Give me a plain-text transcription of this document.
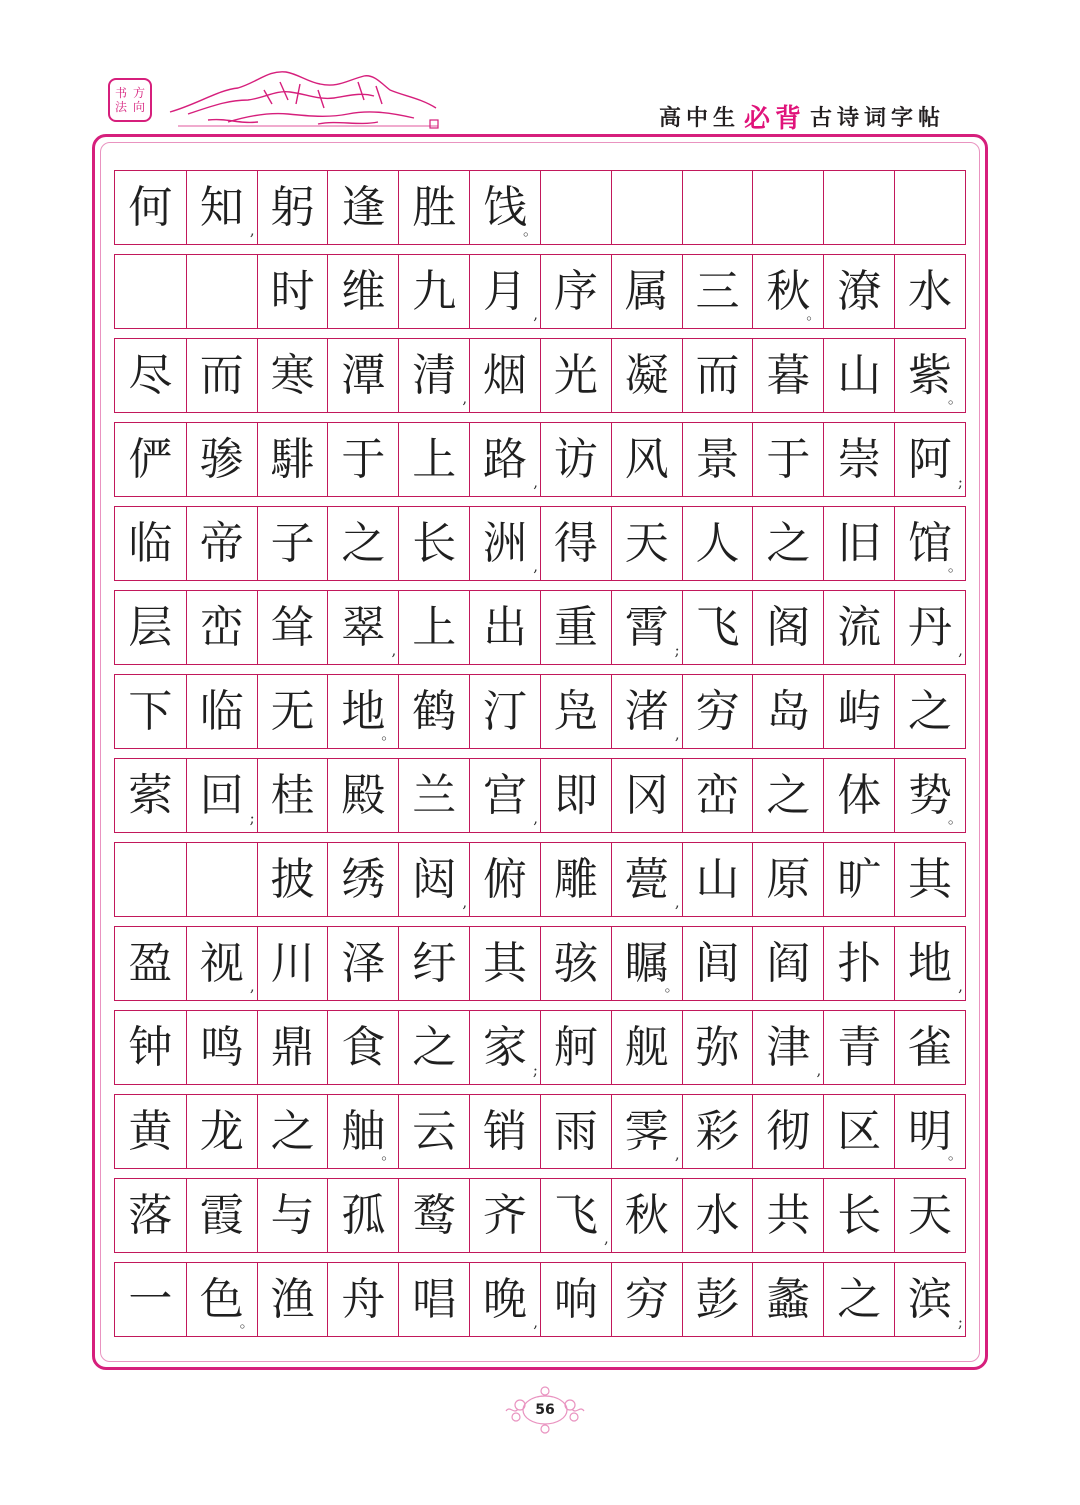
书 方
法 向	高中生 必背 古诗词字帖
何 知 , 躬 逢 胜 饯
。
时 维 九 月 , 序 属 三 秋
。 潦 水
尽 而 寒 潭 清 , 烟 光 凝 而 暮 山 紫
。
俨 骖 騑 于 上 路 , 访 风 景 于 崇 阿 ;
临 帝 子 之 长 洲 , 得 天 人 之 旧 馆
。
层 峦 耸 翠 , 上 出 重 霄 ; 飞 阁 流 丹 ,
下 临 无 地
。 鹤 汀 凫 渚 , 穷 岛 屿 之
萦 回 ; 桂 殿 兰 宫 , 即 冈 峦 之 体 势
。
披 绣 闼 , 俯 雕 甍 , 山 原 旷 其
盈 视 , 川 泽 纡 其 骇 瞩
。 闾 阎 扑 地 ,
钟 鸣 鼎 食 之 家 ; 舸 舰 弥 津 , 青 雀
黄 龙 之 舳
。 云 销 雨 霁 , 彩 彻 区 明
。
落 霞 与 孤 鹜 齐 飞 , 秋 水 共 长 天
一 色
。 渔 舟 唱 晚 , 响 穷 彭 蠡 之 滨 ;
56
